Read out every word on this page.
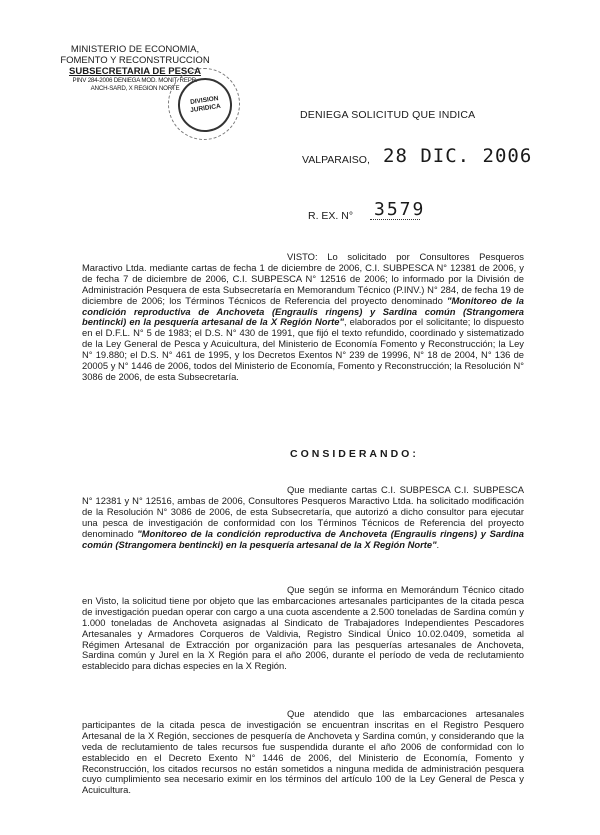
MINISTERIO DE ECONOMIA,
FOMENTO Y RECONSTRUCCION
SUBSECRETARIA DE PESCA
PINV 284-2006 DENIEGA MOD. MONIT. REPR.
ANCH-SARD, X REGION NORTE
DIVISION
JURIDICA
DENIEGA SOLICITUD QUE INDICA
VALPARAISO, 28 DIC. 2006
R. EX. N° 3579
VISTO: Lo solicitado por Consultores Pesqueros Maractivo Ltda. mediante cartas de fecha 1 de diciembre de 2006, C.I. SUBPESCA N° 12381 de 2006, y de fecha 7 de diciembre de 2006, C.I. SUBPESCA N° 12516 de 2006; lo informado por la División de Administración Pesquera de esta Subsecretaría en Memorandum Técnico (P.INV.) N° 284, de fecha 19 de diciembre de 2006; los Términos Técnicos de Referencia del proyecto denominado "Monitoreo de la condición reproductiva de Anchoveta (Engraulis ringens) y Sardina común (Strangomera bentincki) en la pesquería artesanal de la X Región Norte", elaborados por el solicitante; lo dispuesto en el D.F.L. N° 5 de 1983; el D.S. N° 430 de 1991, que fijó el texto refundido, coordinado y sistematizado de la Ley General de Pesca y Acuicultura, del Ministerio de Economía Fomento y Reconstrucción; la Ley N° 19.880; el D.S. N° 461 de 1995, y los Decretos Exentos N° 239 de 19996, N° 18 de 2004, N° 136 de 20005 y N° 1446 de 2006, todos del Ministerio de Economía, Fomento y Reconstrucción; la Resolución N° 3086 de 2006, de esta Subsecretaría.
CONSIDERANDO:
Que mediante cartas C.I. SUBPESCA C.I. SUBPESCA N° 12381 y N° 12516, ambas de 2006, Consultores Pesqueros Maractivo Ltda. ha solicitado modificación de la Resolución N° 3086 de 2006, de esta Subsecretaría, que autorizó a dicho consultor para ejecutar una pesca de investigación de conformidad con los Términos Técnicos de Referencia del proyecto denominado "Monitoreo de la condición reproductiva de Anchoveta (Engraulis ringens) y Sardina común (Strangomera bentincki) en la pesquería artesanal de la X Región Norte".
Que según se informa en Memorándum Técnico citado en Visto, la solicitud tiene por objeto que las embarcaciones artesanales participantes de la citada pesca de investigación puedan operar con cargo a una cuota ascendente a 2.500 toneladas de Sardina común y 1.000 toneladas de Anchoveta asignadas al Sindicato de Trabajadores Independientes Pescadores Artesanales y Armadores Corqueros de Valdivia, Registro Sindical Único 10.02.0409, sometida al Régimen Artesanal de Extracción por organización para las pesquerías artesanales de Anchoveta, Sardina común y Jurel en la X Región para el año 2006, durante el período de veda de reclutamiento establecido para dichas especies en la X Región.
Que atendido que las embarcaciones artesanales participantes de la citada pesca de investigación se encuentran inscritas en el Registro Pesquero Artesanal de la X Región, secciones de pesquería de Anchoveta y Sardina común, y considerando que la veda de reclutamiento de tales recursos fue suspendida durante el año 2006 de conformidad con lo establecido en el Decreto Exento N° 1446 de 2006, del Ministerio de Economía, Fomento y Reconstrucción, los citados recursos no están sometidos a ninguna medida de administración pesquera cuyo cumplimiento sea necesario eximir en los términos del artículo 100 de la Ley General de Pesca y Acuicultura.
